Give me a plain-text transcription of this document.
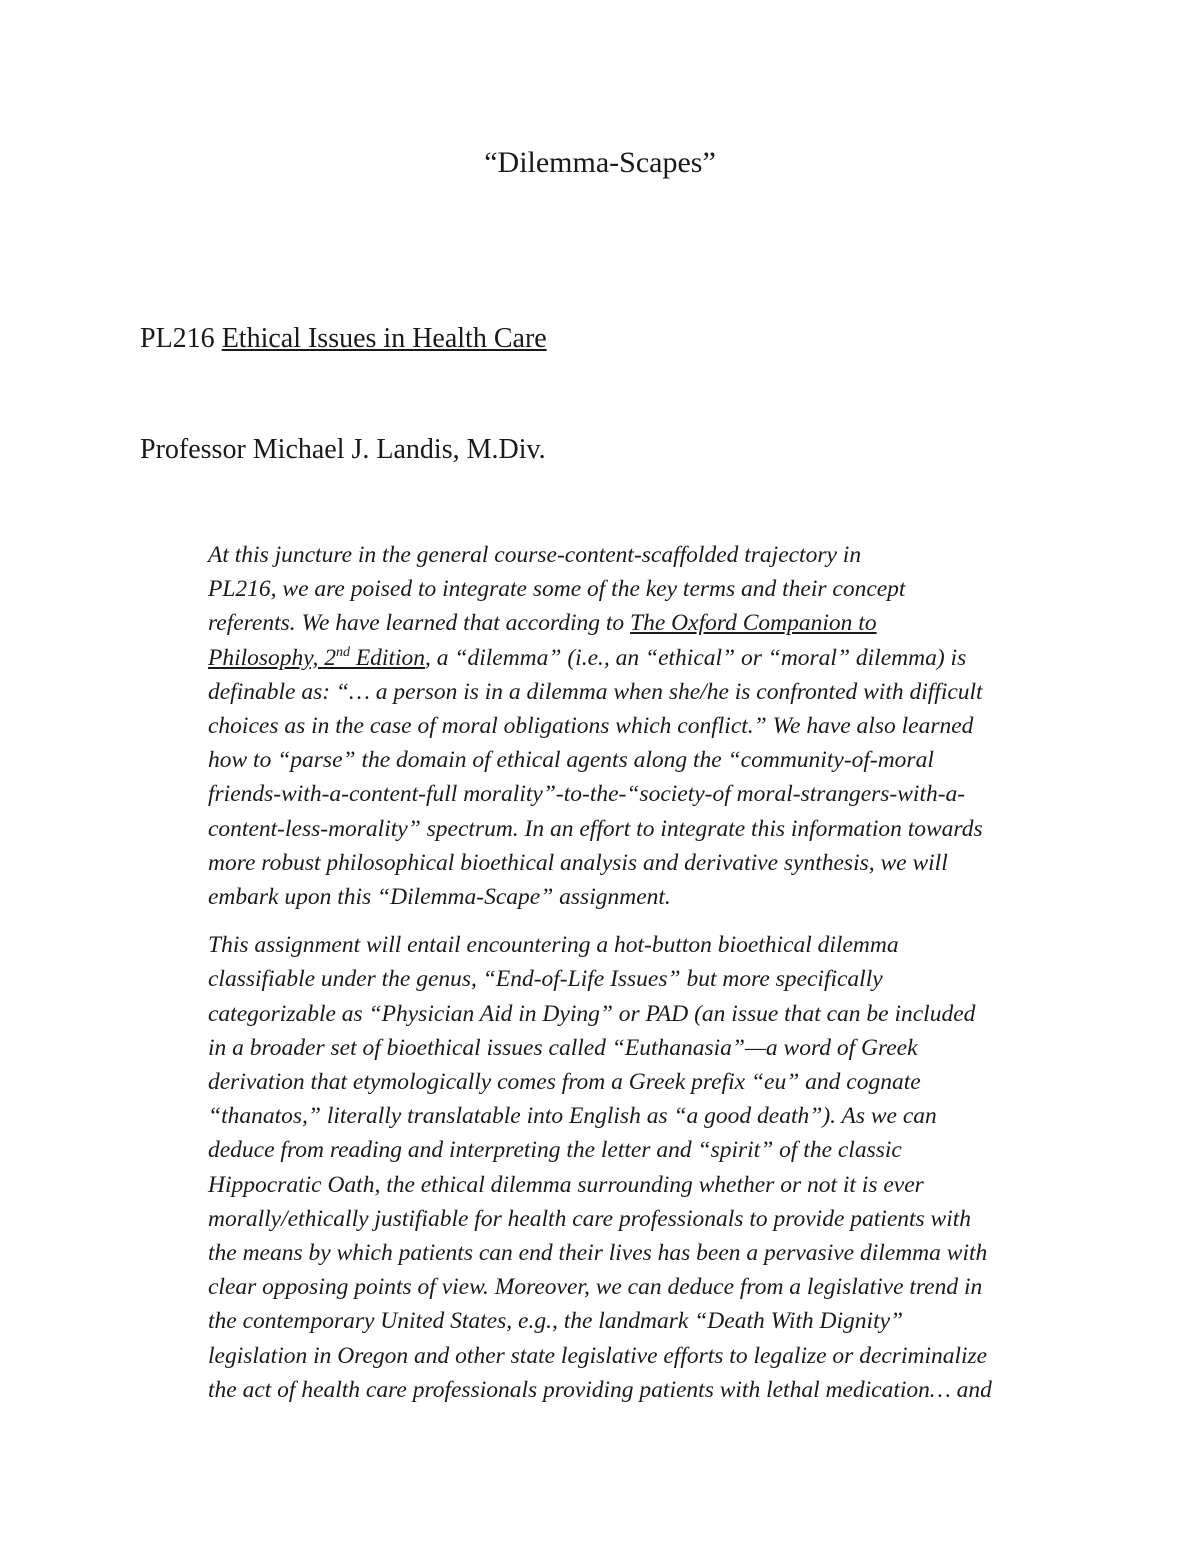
“Dilemma-Scapes”
PL216 Ethical Issues in Health Care
Professor Michael J. Landis, M.Div.

At this juncture in the general course-content-scaffolded trajectory in
PL216, we are poised to integrate some of the key terms and their concept
referents. We have learned that according to The Oxford Companion to
Philosophy, 2nd Edition, a “dilemma” (i.e., an “ethical” or “moral” dilemma) is
definable as: “… a person is in a dilemma when she/he is confronted with difficult
choices as in the case of moral obligations which conflict.” We have also learned
how to “parse” the domain of ethical agents along the “community-of-moral
friends-with-a-content-full morality”-to-the-“society-of moral-strangers-with-a-
content-less-morality” spectrum. In an effort to integrate this information towards
more robust philosophical bioethical analysis and derivative synthesis, we will
embark upon this “Dilemma-Scape” assignment.

This assignment will entail encountering a hot-button bioethical dilemma
classifiable under the genus, “End-of-Life Issues” but more specifically
categorizable as “Physician Aid in Dying” or PAD (an issue that can be included
in a broader set of bioethical issues called “Euthanasia”—a word of Greek
derivation that etymologically comes from a Greek prefix “eu” and cognate
“thanatos,” literally translatable into English as “a good death”). As we can
deduce from reading and interpreting the letter and “spirit” of the classic
Hippocratic Oath, the ethical dilemma surrounding whether or not it is ever
morally/ethically justifiable for health care professionals to provide patients with
the means by which patients can end their lives has been a pervasive dilemma with
clear opposing points of view. Moreover, we can deduce from a legislative trend in
the contemporary United States, e.g., the landmark “Death With Dignity”
legislation in Oregon and other state legislative efforts to legalize or decriminalize
the act of health care professionals providing patients with lethal medication… and
